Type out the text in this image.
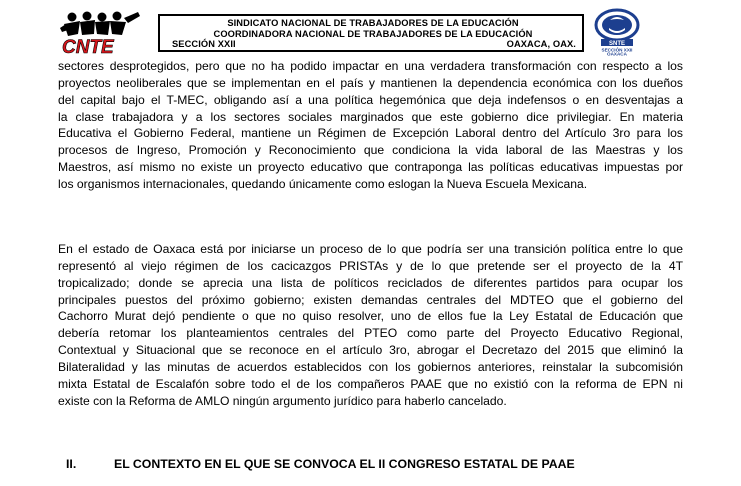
CNTE
SINDICATO NACIONAL DE TRABAJADORES DE LA EDUCACIÓN
COORDINADORA NACIONAL DE TRABAJADORES DE LA EDUCACIÓN
SECCIÓN XXII	OAXACA, OAX.	SNTE
SECCIÓN XXII
OAXACA

sectores desprotegidos, pero que no ha podido impactar en una verdadera transformación con respecto a los
proyectos neoliberales que se implementan en el país y mantienen la dependencia económica con los dueños
del capital bajo el T-MEC, obligando así a una política hegemónica que deja indefensos o en desventajas a
la clase trabajadora y a los sectores sociales marginados que este gobierno dice privilegiar. En materia
Educativa el Gobierno Federal, mantiene un Régimen de Excepción Laboral dentro del Artículo 3ro para los
procesos de Ingreso, Promoción y Reconocimiento que condiciona la vida laboral de las Maestras y los
Maestros, así mismo no existe un proyecto educativo que contraponga las políticas educativas impuestas por
los organismos internacionales, quedando únicamente como eslogan la Nueva Escuela Mexicana.

En el estado de Oaxaca está por iniciarse un proceso de lo que podría ser una transición política entre lo que
representó al viejo régimen de los cacicazgos PRISTAs y de lo que pretende ser el proyecto de la 4T
tropicalizado; donde se aprecia una lista de políticos reciclados de diferentes partidos para ocupar los
principales puestos del próximo gobierno; existen demandas centrales del MDTEO que el gobierno del
Cachorro Murat dejó pendiente o que no quiso resolver, uno de ellos fue la Ley Estatal de Educación que
debería retomar los planteamientos centrales del PTEO como parte del Proyecto Educativo Regional,
Contextual y Situacional que se reconoce en el artículo 3ro, abrogar el Decretazo del 2015 que eliminó la
Bilateralidad y las minutas de acuerdos establecidos con los gobiernos anteriores, reinstalar la subcomisión
mixta Estatal de Escalafón sobre todo el de los compañeros PAAE que no existió con la reforma de EPN ni
existe con la Reforma de AMLO ningún argumento jurídico para haberlo cancelado.

II.	EL CONTEXTO EN EL QUE SE CONVOCA EL II CONGRESO ESTATAL DE PAAE
